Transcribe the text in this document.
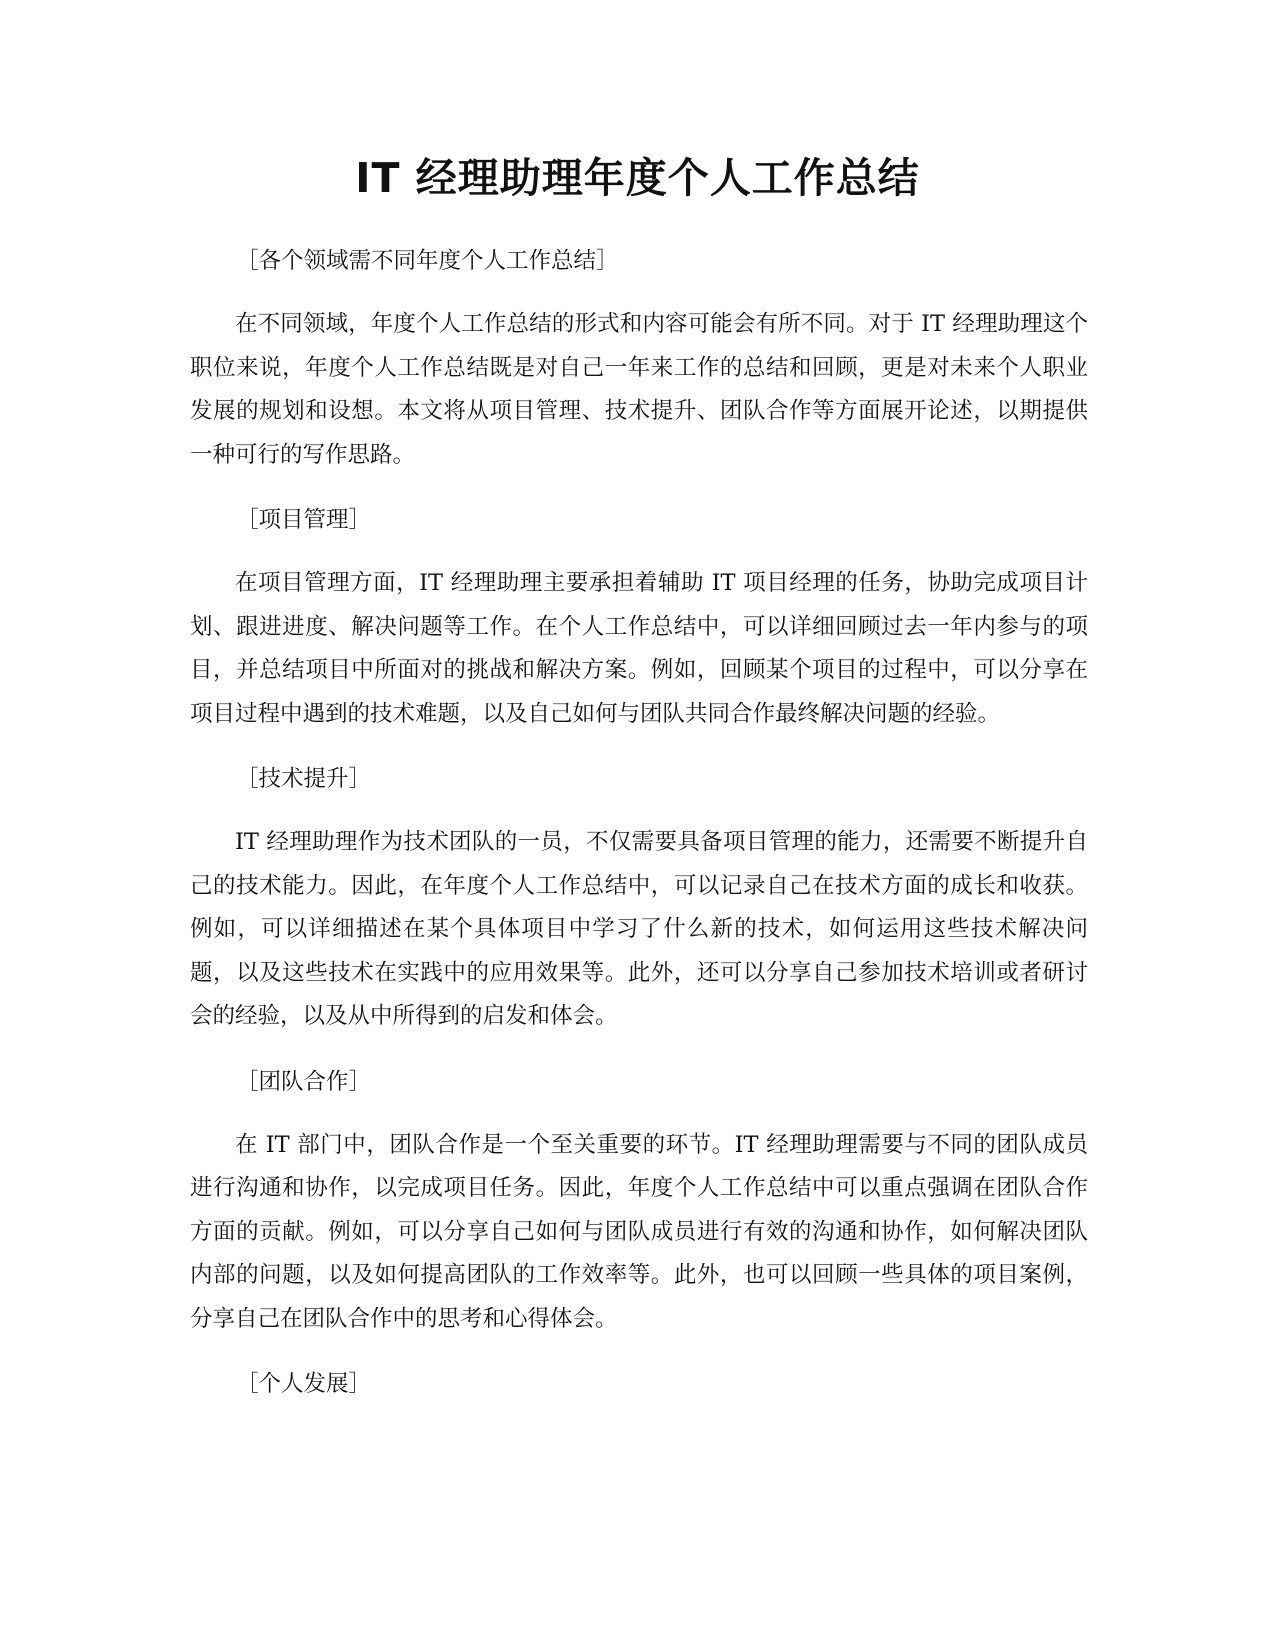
IT 经理助理年度个人工作总结
［各个领域需不同年度个人工作总结］

在不同领域，年度个人工作总结的形式和内容可能会有所不同。对于 IT 经理助理这个职位来说，年度个人工作总结既是对自己一年来工作的总结和回顾，更是对未来个人职业发展的规划和设想。本文将从项目管理、技术提升、团队合作等方面展开论述，以期提供一种可行的写作思路。

［项目管理］

在项目管理方面，IT 经理助理主要承担着辅助 IT 项目经理的任务，协助完成项目计划、跟进进度、解决问题等工作。在个人工作总结中，可以详细回顾过去一年内参与的项目，并总结项目中所面对的挑战和解决方案。例如，回顾某个项目的过程中，可以分享在项目过程中遇到的技术难题，以及自己如何与团队共同合作最终解决问题的经验。

［技术提升］

IT 经理助理作为技术团队的一员，不仅需要具备项目管理的能力，还需要不断提升自己的技术能力。因此，在年度个人工作总结中，可以记录自己在技术方面的成长和收获。例如，可以详细描述在某个具体项目中学习了什么新的技术，如何运用这些技术解决问题，以及这些技术在实践中的应用效果等。此外，还可以分享自己参加技术培训或者研讨会的经验，以及从中所得到的启发和体会。

［团队合作］

在 IT 部门中，团队合作是一个至关重要的环节。IT 经理助理需要与不同的团队成员进行沟通和协作，以完成项目任务。因此，年度个人工作总结中可以重点强调在团队合作方面的贡献。例如，可以分享自己如何与团队成员进行有效的沟通和协作，如何解决团队内部的问题，以及如何提高团队的工作效率等。此外，也可以回顾一些具体的项目案例，分享自己在团队合作中的思考和心得体会。

［个人发展］
